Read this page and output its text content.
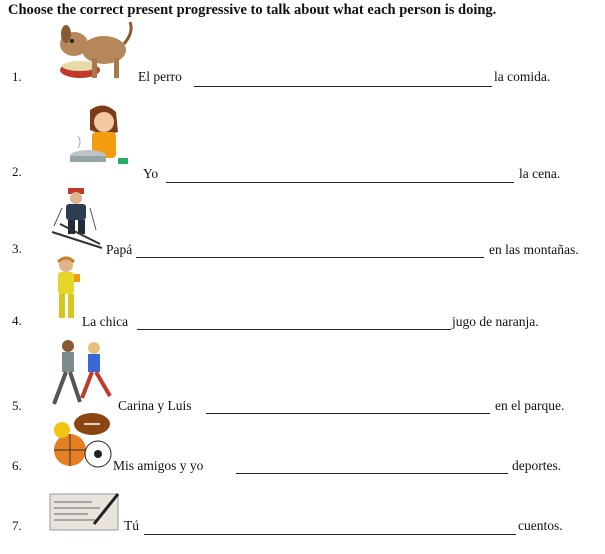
Choose the correct present progressive to talk about what each person is doing.
1.	El perro	la comida.
2.	Yo	la cena.
3.	Papá	en las montañas.
4.	La chica	jugo de naranja.
5.	Carina y Luis	en el parque.
6.	Mis amigos y yo	deportes.
7.	Tú	cuentos.
